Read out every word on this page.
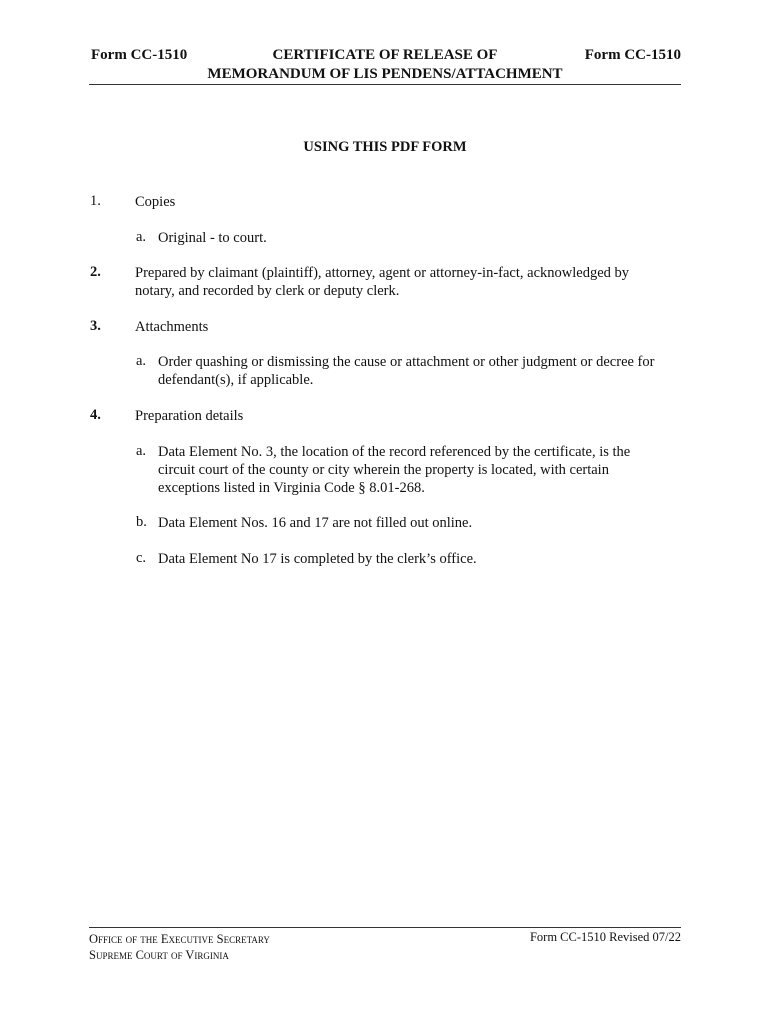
CERTIFICATE OF RELEASE OF
MEMORANDUM OF LIS PENDENS/ATTACHMENT
Form CC-1510	Form CC-1510
USING THIS PDF FORM
1. Copies
a. Original - to court.
2. Prepared by claimant (plaintiff), attorney, agent or attorney-in-fact, acknowledged by notary, and recorded by clerk or deputy clerk.
3. Attachments
a. Order quashing or dismissing the cause or attachment or other judgment or decree for defendant(s), if applicable.
4. Preparation details
a. Data Element No. 3, the location of the record referenced by the certificate, is the circuit court of the county or city wherein the property is located, with certain exceptions listed in Virginia Code § 8.01-268.
b. Data Element Nos. 16 and 17 are not filled out online.
c. Data Element No 17 is completed by the clerk’s office.
Office of the Executive Secretary
Supreme Court of Virginia
Form CC-1510 Revised 07/22
